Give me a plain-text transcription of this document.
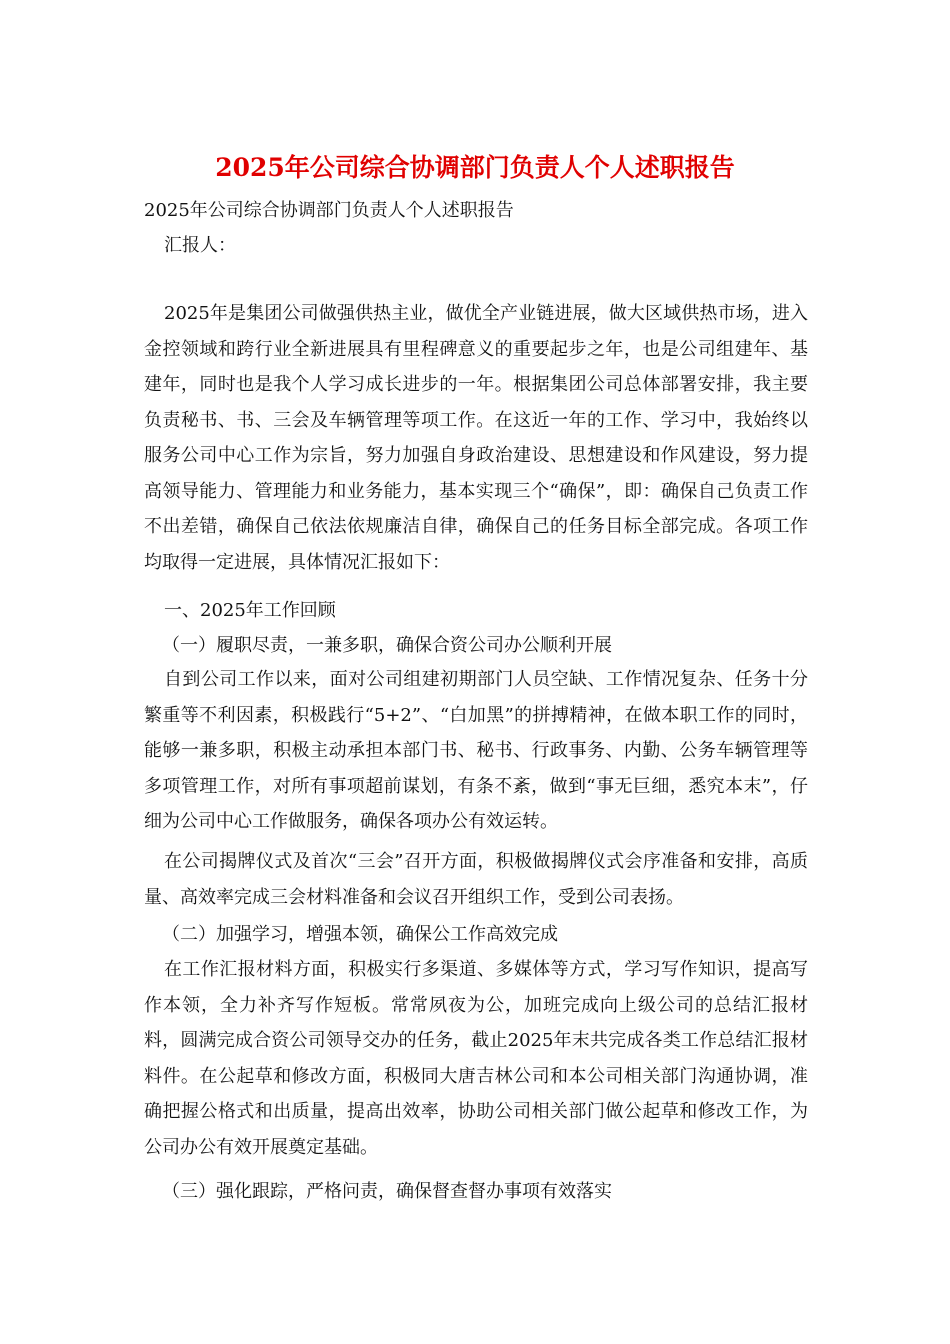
2025年公司综合协调部门负责人个人述职报告
2025年公司综合协调部门负责人个人述职报告
汇报人：

2025年是集团公司做强供热主业，做优全产业链进展，做大区域供热市场，进入金控领域和跨行业全新进展具有里程碑意义的重要起步之年，也是公司组建年、基建年，同时也是我个人学习成长进步的一年。根据集团公司总体部署安排，我主要负责秘书、书、三会及车辆管理等项工作。在这近一年的工作、学习中，我始终以服务公司中心工作为宗旨，努力加强自身政治建设、思想建设和作风建设，努力提高领导能力、管理能力和业务能力，基本实现三个“确保”，即：确保自己负责工作不出差错，确保自己依法依规廉洁自律，确保自己的任务目标全部完成。各项工作均取得一定进展，具体情况汇报如下：

一、2025年工作回顾
（一）履职尽责，一兼多职，确保合资公司办公顺利开展

自到公司工作以来，面对公司组建初期部门人员空缺、工作情况复杂、任务十分繁重等不利因素，积极践行“5+2”、“白加黑”的拼搏精神，在做本职工作的同时，能够一兼多职，积极主动承担本部门书、秘书、行政事务、内勤、公务车辆管理等多项管理工作，对所有事项超前谋划，有条不紊，做到“事无巨细，悉究本末”，仔细为公司中心工作做服务，确保各项办公有效运转。

在公司揭牌仪式及首次“三会”召开方面，积极做揭牌仪式会序准备和安排，高质量、高效率完成三会材料准备和会议召开组织工作，受到公司表扬。

（二）加强学习，增强本领，确保公工作高效完成

在工作汇报材料方面，积极实行多渠道、多媒体等方式，学习写作知识，提高写作本领，全力补齐写作短板。常常夙夜为公，加班完成向上级公司的总结汇报材料，圆满完成合资公司领导交办的任务，截止2025年末共完成各类工作总结汇报材料件。在公起草和修改方面，积极同大唐吉林公司和本公司相关部门沟通协调，准确把握公格式和出质量，提高出效率，协助公司相关部门做公起草和修改工作，为公司办公有效开展奠定基础。

（三）强化跟踪，严格问责，确保督查督办事项有效落实
